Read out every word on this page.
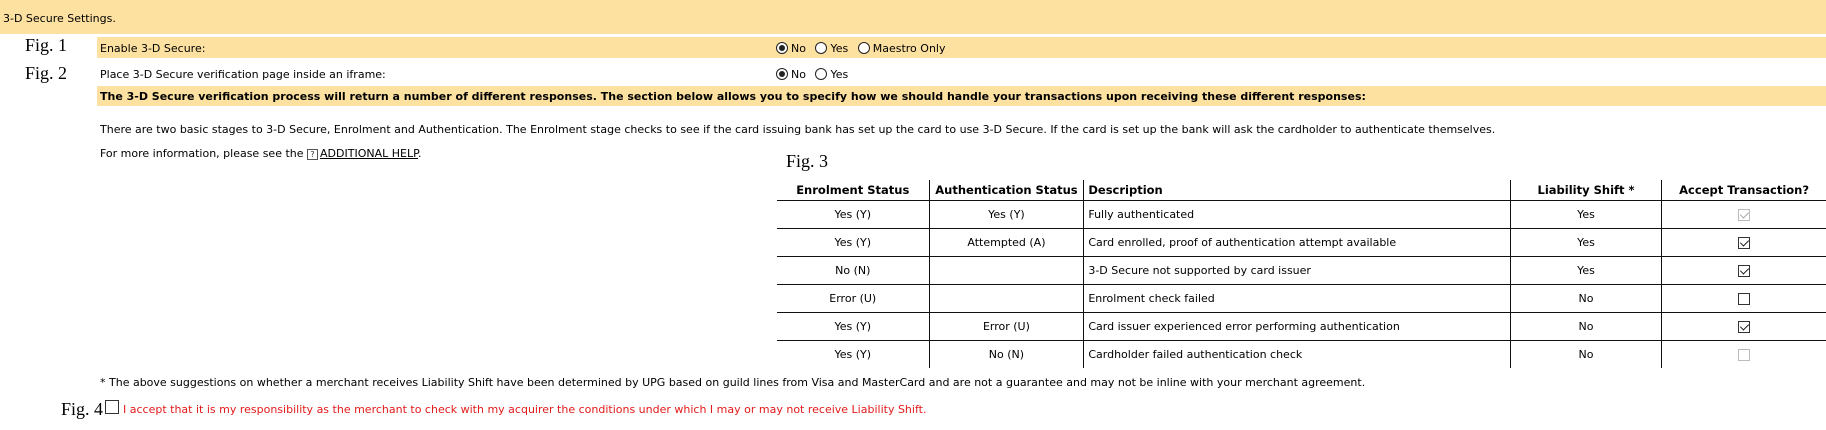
3-D Secure Settings.
Fig. 1	Enable 3-D Secure:	No Yes Maestro Only
Fig. 2	Place 3-D Secure verification page inside an iframe:	No Yes
The 3-D Secure verification process will return a number of different responses. The section below allows you to specify how we should handle your transactions upon receiving these different responses:
There are two basic stages to 3-D Secure, Enrolment and Authentication. The Enrolment stage checks to see if the card issuing bank has set up the card to use 3-D Secure. If the card is set up the bank will ask the cardholder to authenticate themselves.
For more information, please see the ? ADDITIONAL HELP.	Fig. 3
Enrolment Status	Authentication Status	Description	Liability Shift *	Accept Transaction?
Yes (Y)	Yes (Y)	Fully authenticated	Yes	
Yes (Y)	Attempted (A)	Card enrolled, proof of authentication attempt available	Yes	
No (N)		3-D Secure not supported by card issuer	Yes	
Error (U)		Enrolment check failed	No	
Yes (Y)	Error (U)	Card issuer experienced error performing authentication	No	
Yes (Y)	No (N)	Cardholder failed authentication check	No	
* The above suggestions on whether a merchant receives Liability Shift have been determined by UPG based on guild lines from Visa and MasterCard and are not a guarantee and may not be inline with your merchant agreement.
Fig. 4 I accept that it is my responsibility as the merchant to check with my acquirer the conditions under which I may or may not receive Liability Shift.
